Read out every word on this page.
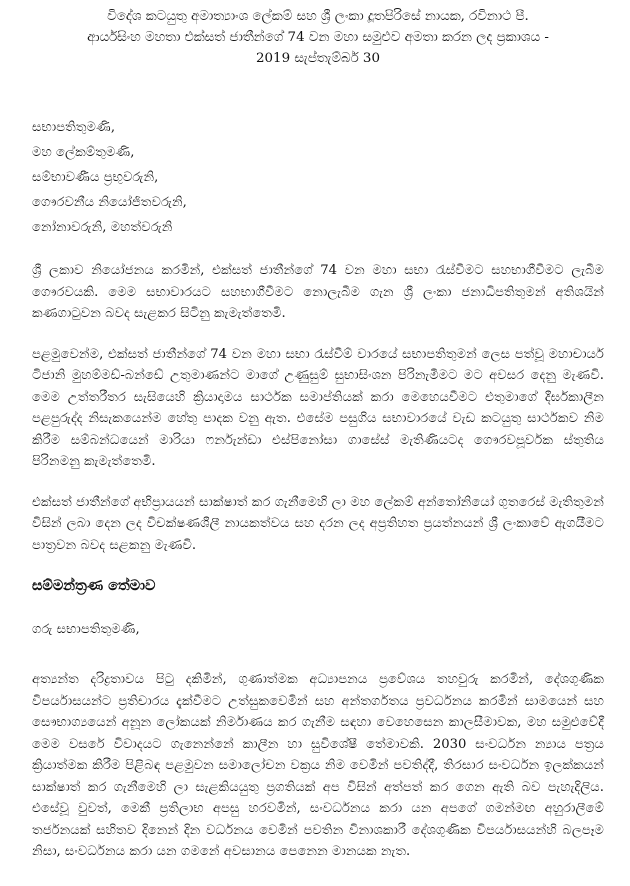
විදේශ කටයුතු අමාත්‍යාංශ ලේකම් සහ ශ්‍රී ලංකා දූතපිරිසේ නායක, රවිනාථ පී.
ආර්යසිංහ මහතා එක්සත් ජාතීන්ගේ 74 වන මහා සමුළුව අමතා කරන ලද ප්‍රකාශය -
2019 සැප්තැම්බර් 30
සභාපතිතුමණි,
මහ ලේකම්තුමණි,
සම්භාවණීය ප්‍රභුවරුනි,
ගෞරවනීය නියෝජිතවරුනි,
නෝනාවරුනි, මහත්වරුනි

ශ්‍රී ලකාව නියෝජනය කරමින්, එක්සත් ජාතීන්ගේ 74 වන මහා සභා රැස්වීමට සහභාගීවීමට ලැබීම ගෞරවයකි. මෙම සභාවාරයට සහභාගීවීමට නොලැබීම ගැන ශ්‍රී ලංකා ජනාධිපතිතුමන් අතිශයින් කණගාටුවන බවද සැළකර සිටිනු කැමැත්තෙමි.

පළමුවෙන්ම, එක්සත් ජාතීන්ගේ 74 වන මහා සභා රැස්වීම් වාරයේ සභාපතිතුමන් ලෙස පත්වූ මහාචාර්ය ටිජානි මුහම්මඩ්-බන්ඩේ උතුමාණන්ට මාගේ උණුසුම් සුභාසිංශන පිරිනැමීමට මට අවසර දෙනු මැණවි. මෙම උත්තරීතර සැසියෙහි ක්‍රියාදාමය සාර්ථක සමාප්තියක් කරා මෙහෙයවීමට එතුමාගේ දීර්ඝකාලීන පළපුරුද්ද නිසැකයෙන්ම හේතු පාදක වනු ඇත. එසේම පසුගිය සභාවාරයේ වැඩ කටයුතු සාර්ථකව නිම කිරීම සම්බන්ධයෙන් මාරියා ෆර්නැන්ඩා එස්පිනෝසා ගාසේස් මැතිණියටද ගෞරවපූර්වක ස්තුතිය පිරිනමනු කැමැත්තෙමි.

එක්සත් ජාතීන්ගේ අභිප්‍රායයන් සාක්ෂාත් කර ගැනීමෙහි ලා මහ ලේකම් අන්තෝනියෝ ගුතරෙස් මැතිතුමන් විසින් ලබා දෙන ලද විචක්ෂණශීලී නායකත්වය සහ දරන ලද අප්‍රතිහත ප්‍රයත්නයන් ශ්‍රී ලංකාවේ ඇගයීමට පාත්‍රවන බවද සළකනු මැණවි.

සම්මන්ත්‍රණ තේමාව
ගරු සභාපතිතුමණි,

අත්‍යන්ත දරිද්‍රතාවය පිටු දකිමින්, ගුණාත්මක අධ්‍යාපනය ප්‍රවේශය තහවුරු කරමින්, දේශගුණික විපර්යාසයන්ට ප්‍රතිචාරය දැක්වීමට උත්සුකවෙමින් සහ අන්තර්ගතය ප්‍රවර්ධනය කරමින් සාමයෙන් සහ සෞභාග්‍යයෙන් අනූන ලෝකයක් නිර්මාණය කර ගැනීම සඳහා වෙහෙසෙන කාලසීමාවක, මහ සමුළුවේදී මෙම වසරේ විවාදයට ගැනෙන්නේ කාලීන හා සුවිශේෂී තේමාවකි. 2030 සංවර්ධන න්‍යාය පත්‍රය ක්‍රියාත්මක කිරීම පිළිබඳ පළමුවන සමාලෝචන වක්‍රය නිම වෙමින් පවතිද්දී, තිරසාර සංවර්ධන ඉලක්කයන් සාක්ෂාත් කර ගැනීමෙහි ලා සැළකියයුතු ප්‍රගතියක් අප විසින් අත්පත් කර ගෙන ඇති බව පැහැදිලිය. එසේවූ වුවත්, මෙකී ප්‍රතිලාභ අපසු හරවමින්, සංවර්ධනය කරා යන අපගේ ගමන්මඟ අහුරාලීමේ තර්ජනයක් සහිතව දිනෙන් දින වර්ධනය වෙමින් පවතින විනාශකාරී දේශගුණික විපර්යාසයන්හි බලපෑම නිසා, සංවර්ධනය කරා යන ගමනේ අවසානය පෙනෙන මානයක නැත.
